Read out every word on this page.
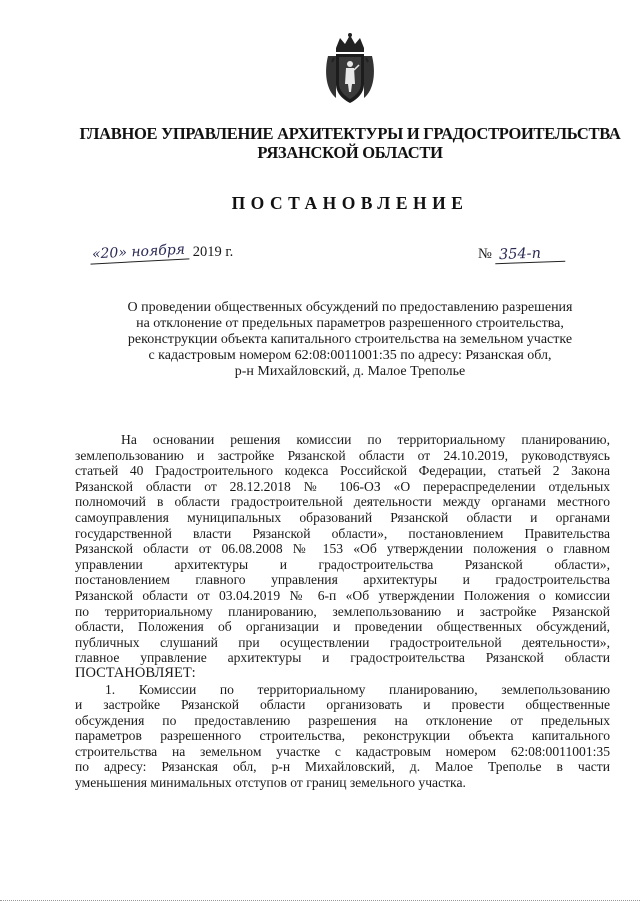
ГЛАВНОЕ УПРАВЛЕНИЕ АРХИТЕКТУРЫ И ГРАДОСТРОИТЕЛЬСТВА
РЯЗАНСКОЙ ОБЛАСТИ
ПОСТАНОВЛЕНИЕ
«20» ноября 2019 г.	№ 354-п
О проведении общественных обсуждений по предоставлению разрешения
на отклонение от предельных параметров разрешенного строительства,
реконструкции объекта капитального строительства на земельном участке
с кадастровым номером 62:08:0011001:35 по адресу: Рязанская обл,
р-н Михайловский, д. Малое Треполье
На основании решения комиссии по территориальному планированию,
землепользованию и застройке Рязанской области от 24.10.2019, руководствуясь
статьей 40 Градостроительного кодекса Российской Федерации, статьей 2 Закона
Рязанской области от 28.12.2018 № 106-ОЗ «О перераспределении отдельных
полномочий в области градостроительной деятельности между органами местного
самоуправления муниципальных образований Рязанской области и органами
государственной власти Рязанской области», постановлением Правительства
Рязанской области от 06.08.2008 № 153 «Об утверждении положения о главном
управлении архитектуры и градостроительства Рязанской области»,
постановлением главного управления архитектуры и градостроительства
Рязанской области от 03.04.2019 № 6-п «Об утверждении Положения о комиссии
по территориальному планированию, землепользованию и застройке Рязанской
области, Положения об организации и проведении общественных обсуждений,
публичных слушаний при осуществлении градостроительной деятельности»,
главное управление архитектуры и градостроительства Рязанской области
ПОСТАНОВЛЯЕТ:
1. Комиссии по территориальному планированию, землепользованию
и застройке Рязанской области организовать и провести общественные
обсуждения по предоставлению разрешения на отклонение от предельных
параметров разрешенного строительства, реконструкции объекта капитального
строительства на земельном участке с кадастровым номером 62:08:0011001:35
по адресу: Рязанская обл, р-н Михайловский, д. Малое Треполье в части
уменьшения минимальных отступов от границ земельного участка.
